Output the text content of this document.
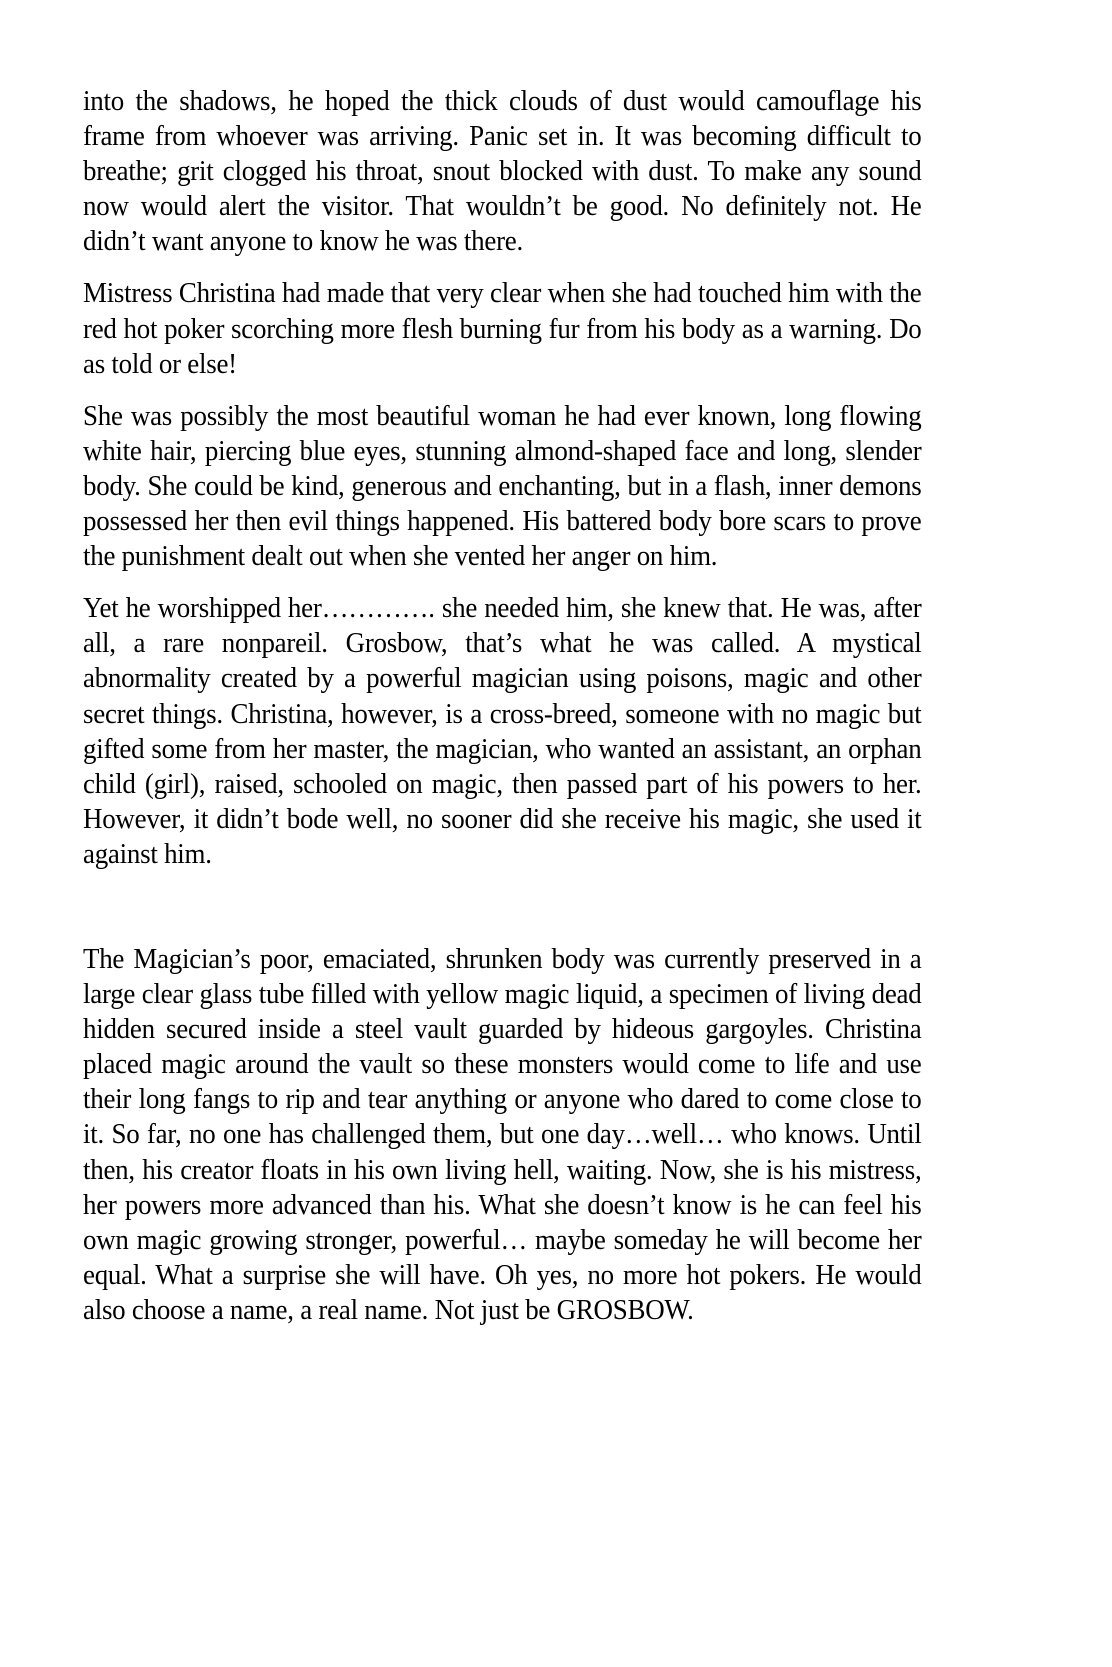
into the shadows, he hoped the thick clouds of dust would camouflage his frame from whoever was arriving. Panic set in. It was becoming difficult to breathe; grit clogged his throat, snout blocked with dust. To make any sound now would alert the visitor. That wouldn’t be good. No definitely not. He didn’t want anyone to know he was there.

Mistress Christina had made that very clear when she had touched him with the red hot poker scorching more flesh burning fur from his body as a warning. Do as told or else!

She was possibly the most beautiful woman he had ever known, long flowing white hair, piercing blue eyes, stunning almond-shaped face and long, slender body. She could be kind, generous and enchanting, but in a flash, inner demons possessed her then evil things happened. His battered body bore scars to prove the punishment dealt out when she vented her anger on him.

Yet he worshipped her…………. she needed him, she knew that. He was, after all, a rare nonpareil. Grosbow, that’s what he was called. A mystical abnormality created by a powerful magician using poisons, magic and other secret things. Christina, however, is a cross-breed, someone with no magic but gifted some from her master, the magician, who wanted an assistant, an orphan child (girl), raised, schooled on magic, then passed part of his powers to her. However, it didn’t bode well, no sooner did she receive his magic, she used it against him.

The Magician’s poor, emaciated, shrunken body was currently preserved in a large clear glass tube filled with yellow magic liquid, a specimen of living dead hidden secured inside a steel vault guarded by hideous gargoyles. Christina placed magic around the vault so these monsters would come to life and use their long fangs to rip and tear anything or anyone who dared to come close to it. So far, no one has challenged them, but one day…well… who knows. Until then, his creator floats in his own living hell, waiting. Now, she is his mistress, her powers more advanced than his. What she doesn’t know is he can feel his own magic growing stronger, powerful… maybe someday he will become her equal. What a surprise she will have. Oh yes, no more hot pokers. He would also choose a name, a real name. Not just be GROSBOW.
